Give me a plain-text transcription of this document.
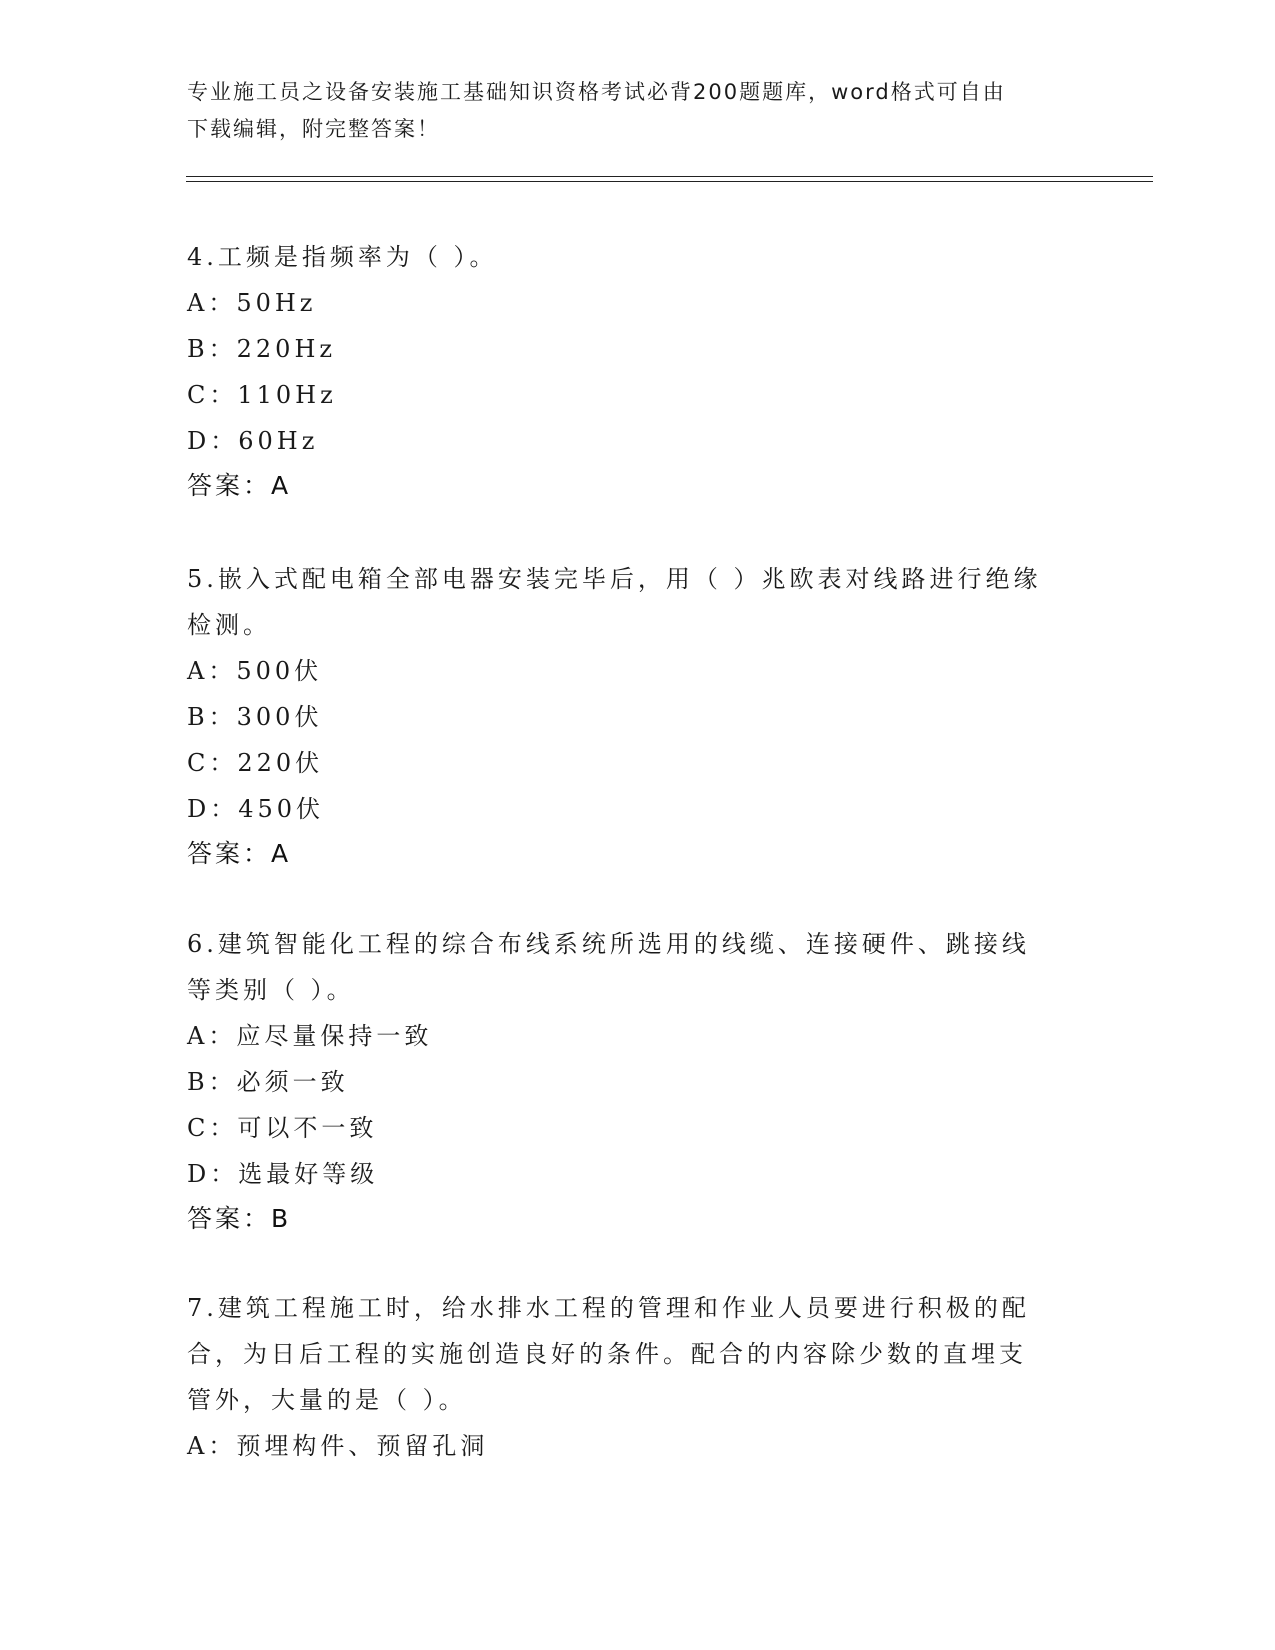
专业施工员之设备安装施工基础知识资格考试必背200题题库，word格式可自由
下载编辑，附完整答案！

4.工频是指频率为（ ）。

A：50Hz

B：220Hz

C：110Hz

D：60Hz

答案：A

5.嵌入式配电箱全部电器安装完毕后，用（ ）兆欧表对线路进行绝缘

检测。

A：500伏

B：300伏

C：220伏

D：450伏

答案：A

6.建筑智能化工程的综合布线系统所选用的线缆、连接硬件、跳接线

等类别（ ）。

A：应尽量保持一致

B：必须一致

C：可以不一致

D：选最好等级

答案：B

7.建筑工程施工时，给水排水工程的管理和作业人员要进行积极的配

合，为日后工程的实施创造良好的条件。配合的内容除少数的直埋支

管外，大量的是（ ）。

A：预埋构件、预留孔洞
